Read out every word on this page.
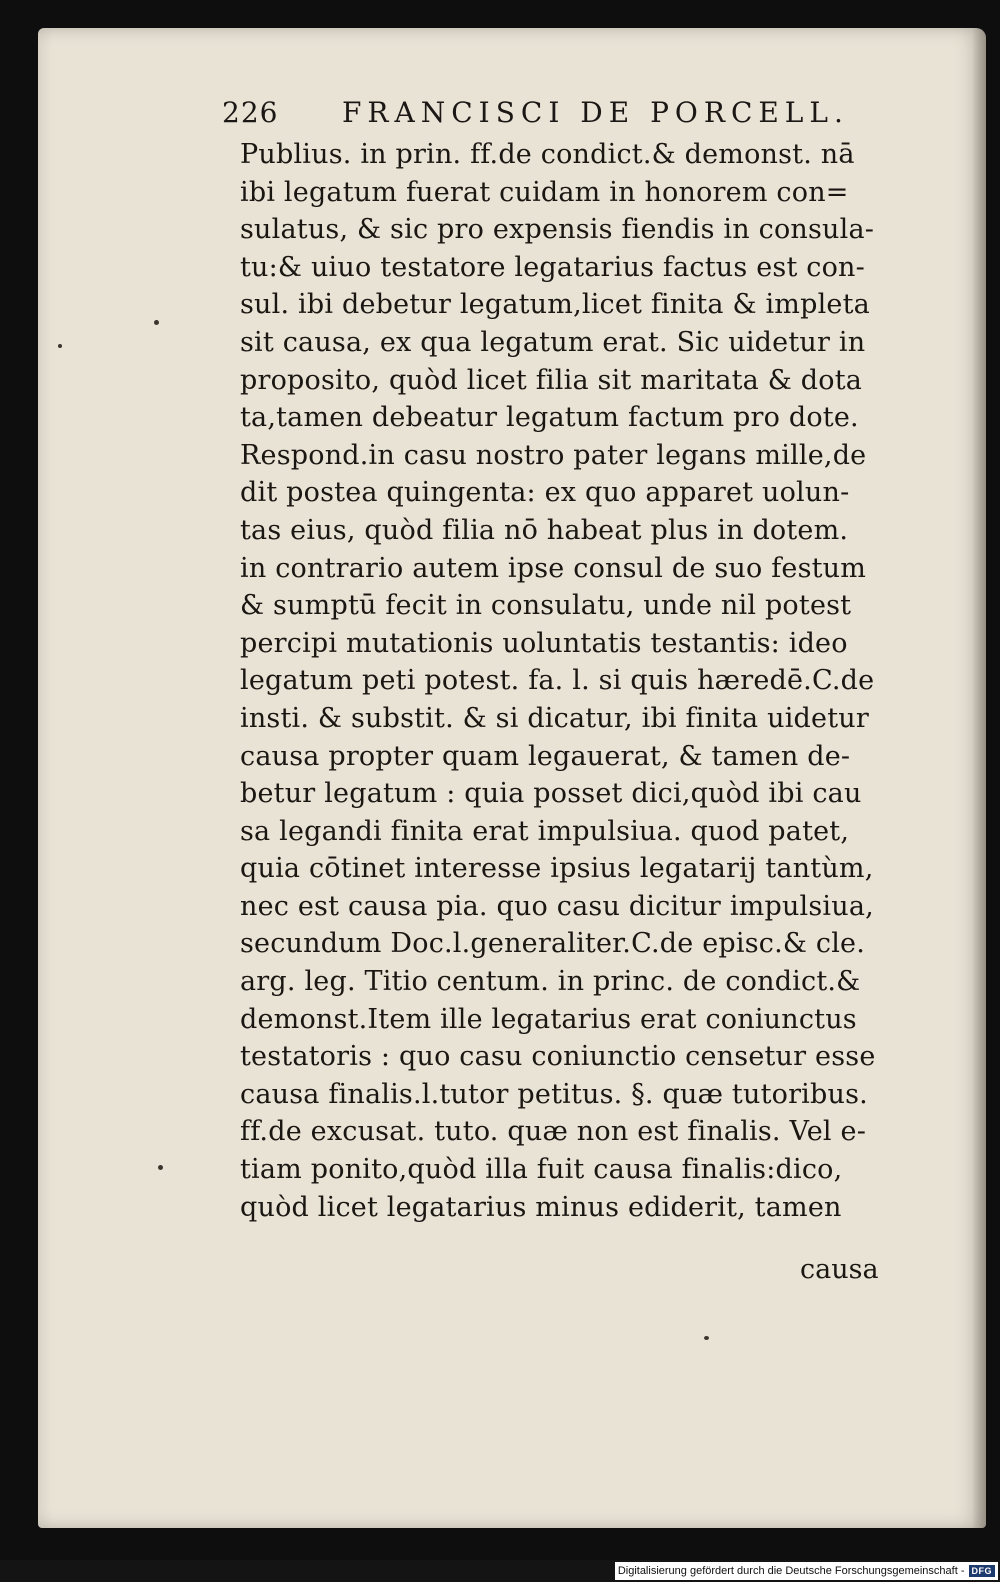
226 FRANCISCI DE PORCELL.
Publius. in prin. ff.de condict.& demonst. nā
ibi legatum fuerat cuidam in honorem con=
sulatus, & sic pro expensis fiendis in consula-
tu:& uiuo testatore legatarius factus est con-
sul. ibi debetur legatum,licet finita & impleta
sit causa, ex qua legatum erat. Sic uidetur in
proposito, quòd licet filia sit maritata & dota
ta,tamen debeatur legatum factum pro dote.
Respond.in casu nostro pater legans mille,de
dit postea quingenta: ex quo apparet uolun-
tas eius, quòd filia nō habeat plus in dotem.
in contrario autem ipse consul de suo festum
& sumptū fecit in consulatu, unde nil potest
percipi mutationis uoluntatis testantis: ideo
legatum peti potest. fa. l. si quis hæredē.C.de
insti. & substit. & si dicatur, ibi finita uidetur
causa propter quam legauerat, & tamen de-
betur legatum : quia posset dici,quòd ibi cau
sa legandi finita erat impulsiua. quod patet,
quia cōtinet interesse ipsius legatarij tantùm,
nec est causa pia. quo casu dicitur impulsiua,
secundum Doc.l.generaliter.C.de episc.& cle.
arg. leg. Titio centum. in princ. de condict.&
demonst.Item ille legatarius erat coniunctus
testatoris : quo casu coniunctio censetur esse
causa finalis.l.tutor petitus. §. quæ tutoribus.
ff.de excusat. tuto. quæ non est finalis. Vel e-
tiam ponito,quòd illa fuit causa finalis:dico,
quòd licet legatarius minus ediderit, tamen
causa
Digitalisierung gefördert durch die Deutsche Forschungsgemeinschaft - DFG
